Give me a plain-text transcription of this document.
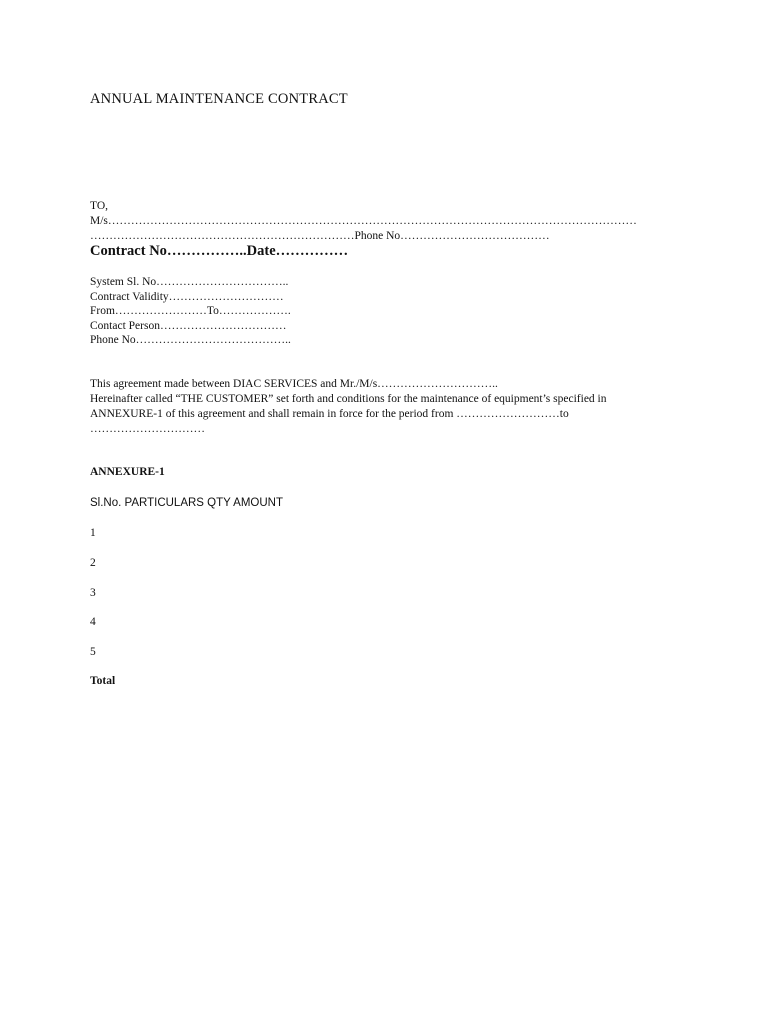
ANNUAL MAINTENANCE CONTRACT
TO,
M/s…………………………………………………………………………………………………………………………
……………………………………………………………Phone No…………………………………
Contract No……………..Date……………
System Sl. No……………………………..
Contract Validity…………………………
From……………………To……………….
Contact Person……………………………
Phone No…………………………………..
This agreement made between DIAC SERVICES and Mr./M/s…………………………..
Hereinafter called “THE CUSTOMER” set forth and conditions for the maintenance of equipment’s specified in
ANNEXURE-1 of this agreement and shall remain in force for the period from ………………………to
…………………………
ANNEXURE-1
Sl.No. PARTICULARS QTY AMOUNT
1
2
3
4
5
Total
